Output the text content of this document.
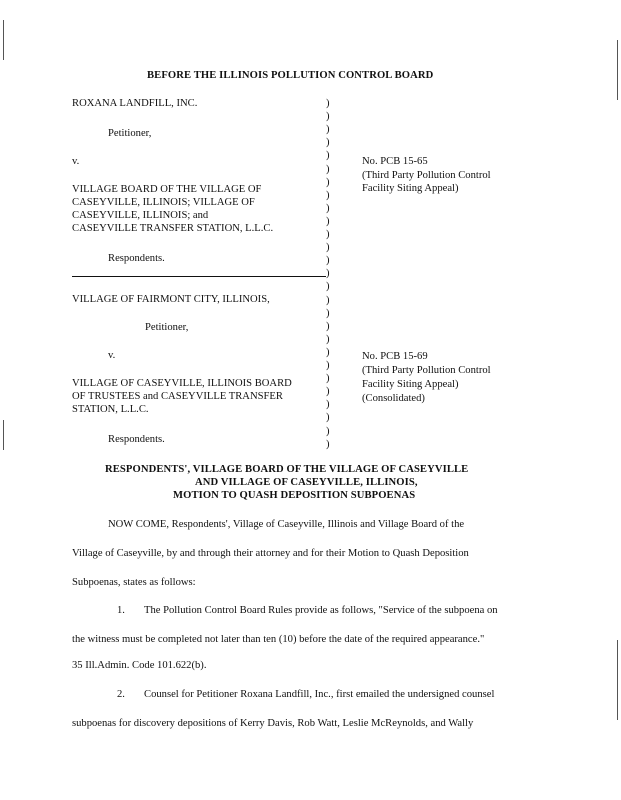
BEFORE THE ILLINOIS POLLUTION CONTROL BOARD
ROXANA LANDFILL, INC.
Petitioner,
v.
VILLAGE BOARD OF THE VILLAGE OF
CASEYVILLE, ILLINOIS; VILLAGE OF
CASEYVILLE, ILLINOIS; and
CASEYVILLE TRANSFER STATION, L.L.C.
Respondents.
No. PCB 15-65
(Third Party Pollution Control
Facility Siting Appeal)
VILLAGE OF FAIRMONT CITY, ILLINOIS,
Petitioner,
v.
VILLAGE OF CASEYVILLE, ILLINOIS BOARD
OF TRUSTEES and CASEYVILLE TRANSFER
STATION, L.L.C.
Respondents.
No. PCB 15-69
(Third Party Pollution Control
Facility Siting Appeal)
(Consolidated)
)
)
)
)
)
)
)
)
)
)
)
)
)
)
)
)
)
)
)
)
)
)
)
)
)
)
)
RESPONDENTS', VILLAGE BOARD OF THE VILLAGE OF CASEYVILLE
AND VILLAGE OF CASEYVILLE, ILLINOIS,
MOTION TO QUASH DEPOSITION SUBPOENAS
NOW COME, Respondents', Village of Caseyville, Illinois and Village Board of the
Village of Caseyville, by and through their attorney and for their Motion to Quash Deposition
Subpoenas, states as follows:
1. The Pollution Control Board Rules provide as follows, "Service of the subpoena on
the witness must be completed not later than ten (10) before the date of the required appearance."
35 Ill.Admin. Code 101.622(b).
2. Counsel for Petitioner Roxana Landfill, Inc., first emailed the undersigned counsel
subpoenas for discovery depositions of Kerry Davis, Rob Watt, Leslie McReynolds, and Wally
